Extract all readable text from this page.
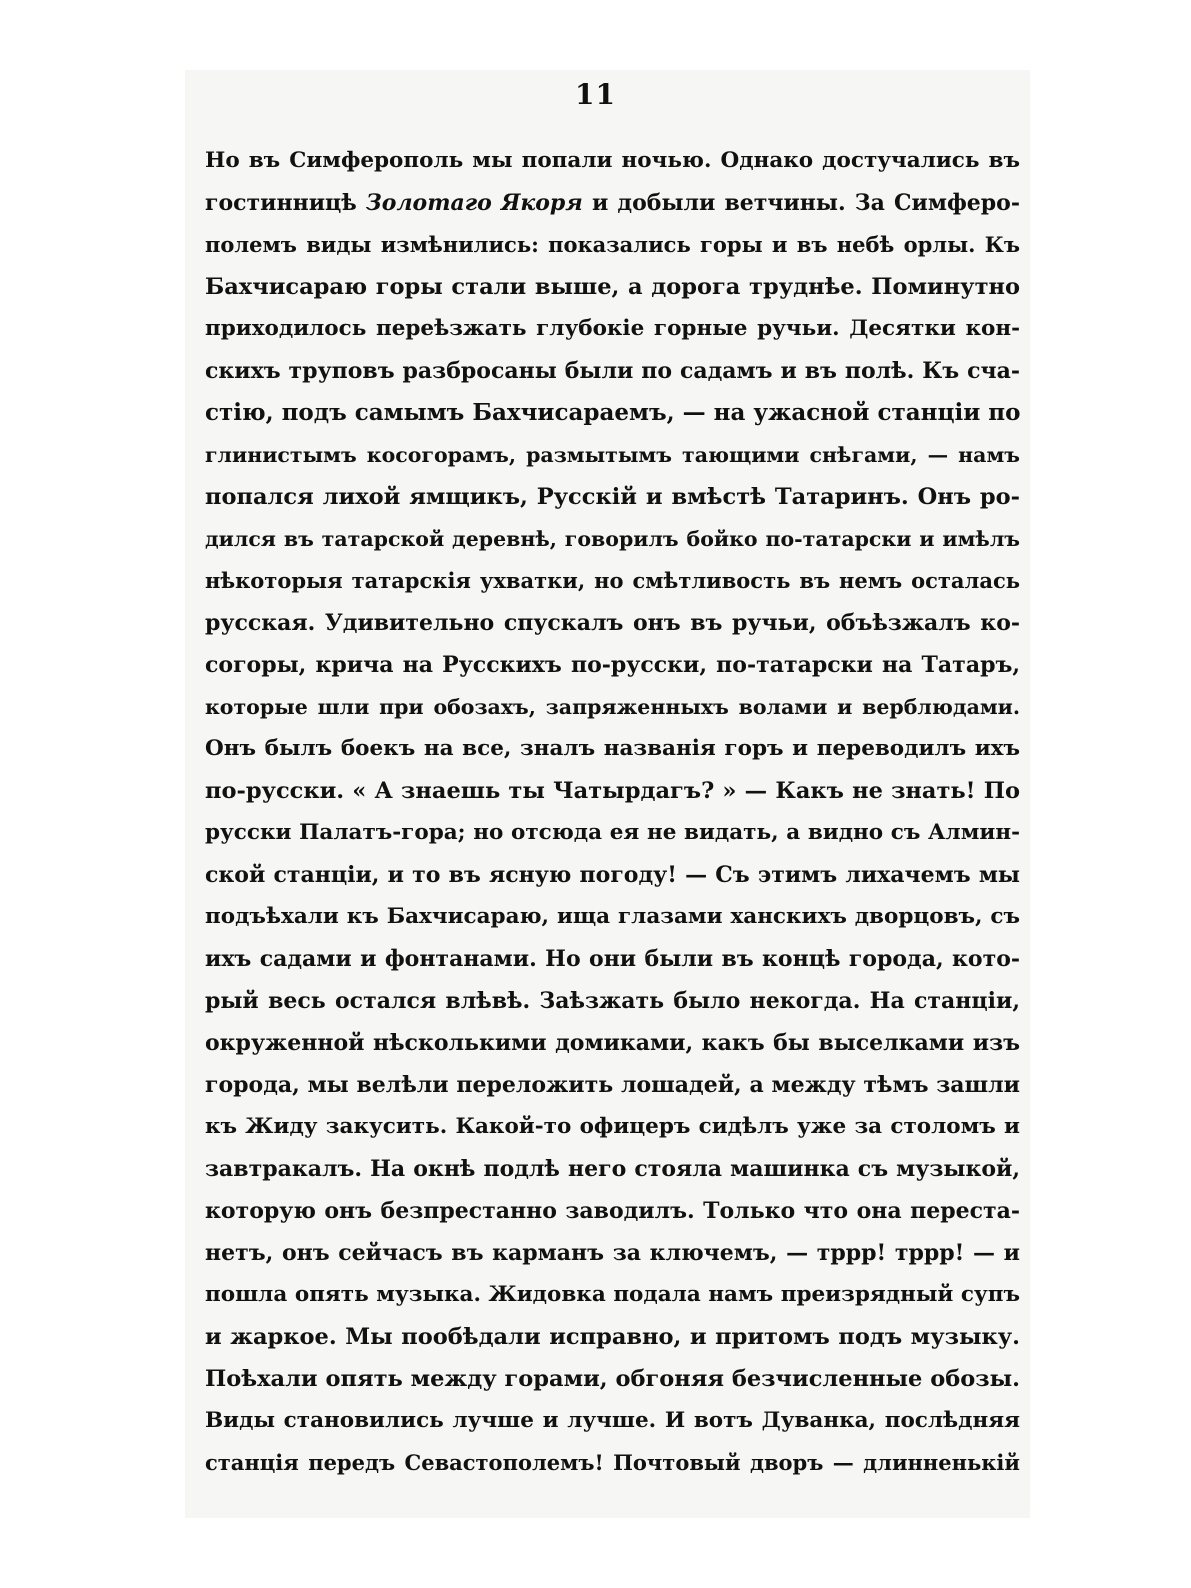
11
Но въ Симферополь мы попали ночью. Однако достучались въ
гостинницѣ Золотаго Якоря и добыли ветчины. За Симферо-
полемъ виды измѣнились: показались горы и въ небѣ орлы. Къ
Бахчисараю горы стали выше, а дорога труднѣе. Поминутно
приходилось переѣзжать глубокіе горные ручьи. Десятки кон-
скихъ труповъ разбросаны были по садамъ и въ полѣ. Къ сча-
стію, подъ самымъ Бахчисараемъ, — на ужасной станціи по
глинистымъ косогорамъ, размытымъ тающими снѣгами, — намъ
попался лихой ямщикъ, Русскій и вмѣстѣ Татаринъ. Онъ ро-
дился въ татарской деревнѣ, говорилъ бойко по-татарски и имѣлъ
нѣкоторыя татарскія ухватки, но смѣтливость въ немъ осталась
русская. Удивительно спускалъ онъ въ ручьи, объѣзжалъ ко-
согоры, крича на Русскихъ по-русски, по-татарски на Татаръ,
которые шли при обозахъ, запряженныхъ волами и верблюдами.
Онъ былъ боекъ на все, зналъ названія горъ и переводилъ ихъ
по-русски. « А знаешь ты Чатырдагъ? » — Какъ не знать! По
русски Палатъ-гора; но отсюда ея не видать, а видно съ Алмин-
ской станціи, и то въ ясную погоду! — Съ этимъ лихачемъ мы
подъѣхали къ Бахчисараю, ища глазами ханскихъ дворцовъ, съ
ихъ садами и фонтанами. Но они были въ концѣ города, кото-
рый весь остался влѣвѣ. Заѣзжать было некогда. На станціи,
окруженной нѣсколькими домиками, какъ бы выселками изъ
города, мы велѣли переложить лошадей, а между тѣмъ зашли
къ Жиду закусить. Какой-то офицеръ сидѣлъ уже за столомъ и
завтракалъ. На окнѣ подлѣ него стояла машинка съ музыкой,
которую онъ безпрестанно заводилъ. Только что она переста-
нетъ, онъ сейчасъ въ карманъ за ключемъ, — тррр! тррр! — и
пошла опять музыка. Жидовка подала намъ преизрядный супъ
и жаркое. Мы пообѣдали исправно, и притомъ подъ музыку.
Поѣхали опять между горами, обгоняя безчисленные обозы.
Виды становились лучше и лучше. И вотъ Дуванка, послѣдняя
станція передъ Севастополемъ! Почтовый дворъ — длинненькій
